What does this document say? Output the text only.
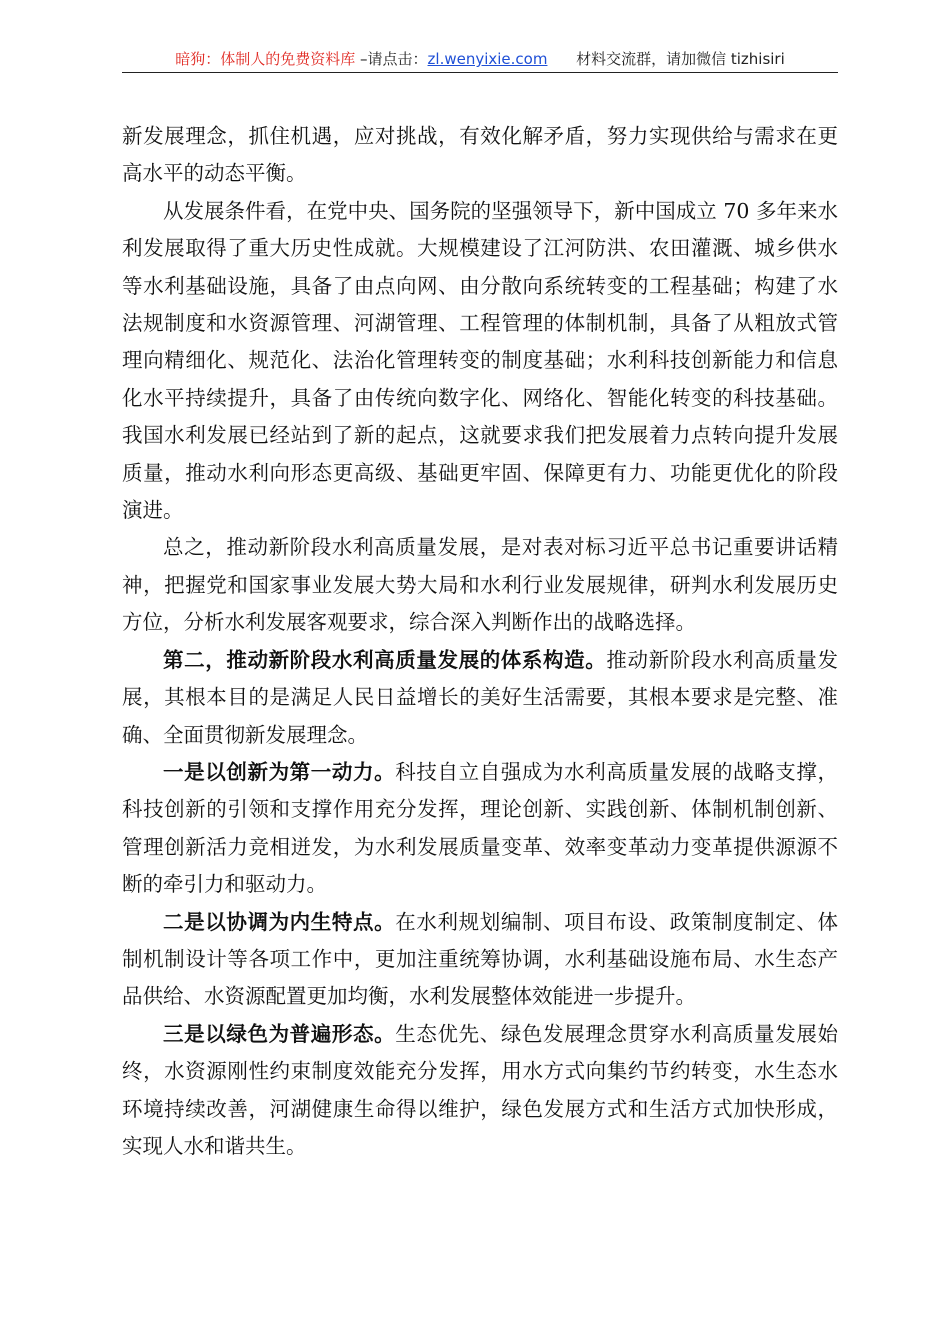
暗狗：体制人的免费资料库 –请点击：zl.wenyixie.com 材料交流群，请加微信 tizhisiri

新发展理念，抓住机遇，应对挑战，有效化解矛盾，努力实现供给与需求在更高水平的动态平衡。

从发展条件看，在党中央、国务院的坚强领导下，新中国成立 70 多年来水利发展取得了重大历史性成就。大规模建设了江河防洪、农田灌溉、城乡供水等水利基础设施，具备了由点向网、由分散向系统转变的工程基础；构建了水法规制度和水资源管理、河湖管理、工程管理的体制机制，具备了从粗放式管理向精细化、规范化、法治化管理转变的制度基础；水利科技创新能力和信息化水平持续提升，具备了由传统向数字化、网络化、智能化转变的科技基础。我国水利发展已经站到了新的起点，这就要求我们把发展着力点转向提升发展质量，推动水利向形态更高级、基础更牢固、保障更有力、功能更优化的阶段演进。

总之，推动新阶段水利高质量发展，是对表对标习近平总书记重要讲话精神，把握党和国家事业发展大势大局和水利行业发展规律，研判水利发展历史方位，分析水利发展客观要求，综合深入判断作出的战略选择。

第二，推动新阶段水利高质量发展的体系构造。推动新阶段水利高质量发展，其根本目的是满足人民日益增长的美好生活需要，其根本要求是完整、准确、全面贯彻新发展理念。

一是以创新为第一动力。科技自立自强成为水利高质量发展的战略支撑，科技创新的引领和支撑作用充分发挥，理论创新、实践创新、体制机制创新、管理创新活力竞相迸发，为水利发展质量变革、效率变革动力变革提供源源不断的牵引力和驱动力。

二是以协调为内生特点。在水利规划编制、项目布设、政策制度制定、体制机制设计等各项工作中，更加注重统筹协调，水利基础设施布局、水生态产品供给、水资源配置更加均衡，水利发展整体效能进一步提升。

三是以绿色为普遍形态。生态优先、绿色发展理念贯穿水利高质量发展始终，水资源刚性约束制度效能充分发挥，用水方式向集约节约转变，水生态水环境持续改善，河湖健康生命得以维护，绿色发展方式和生活方式加快形成，实现人水和谐共生。
